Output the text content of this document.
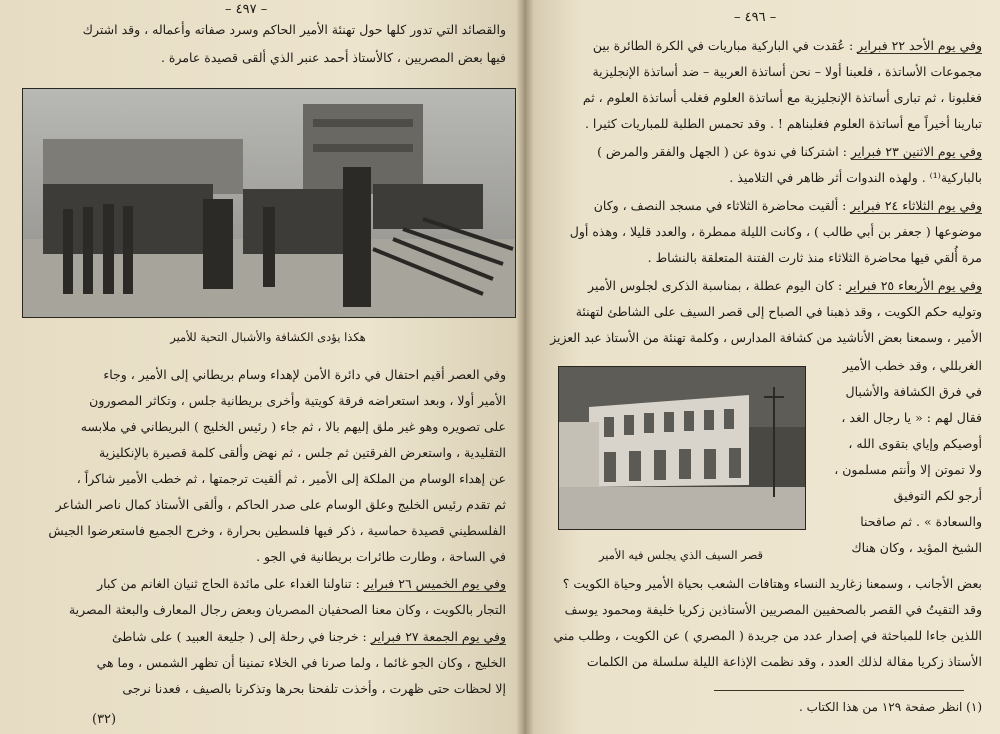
– ٤٩٧ –
والقصائد التي تدور كلها حول تهنئة الأمير الحاكم وسرد صفاته وأعماله ، وقد اشترك
فيها بعض المصريين ، كالأستاذ أحمد عنبر الذي ألقى قصيدة عامرة .
هكذا يؤدى الكشافة والأشبال التحية للأمير
وفي العصر أقيم احتفال في دائرة الأمن لإهداء وسام بريطاني إلى الأمير ، وجاء
الأمير أولا ، وبعد استعراضه فرقة كويتية وأخرى بريطانية جلس ، وتكاثر المصورون
على تصويره وهو غير ملق إليهم بالا ، ثم جاء ( رئيس الخليج ) البريطاني في ملابسه
التقليدية ، واستعرض الفرقتين ثم جلس ، ثم نهض وألقى كلمة قصيرة بالإنكليزية
عن إهداء الوسام من الملكة إلى الأمير ، ثم ألقيت ترجمتها ، ثم خطب الأمير شاكراً ،
ثم تقدم رئيس الخليج وعلق الوسام على صدر الحاكم ، وألقى الأستاذ كمال ناصر الشاعر
الفلسطيني قصيدة حماسية ، ذكر فيها فلسطين بحرارة ، وخرج الجميع فاستعرضوا الجيش
في الساحة ، وطارت طائرات بريطانية في الجو .
وفي يوم الخميس ٢٦ فبراير : تناولنا الغداء على مائدة الحاج ثنيان الغانم من كبار
التجار بالكويت ، وكان معنا الصحفيان المصريان وبعض رجال المعارف والبعثة المصرية
وفي يوم الجمعة ٢٧ فبراير : خرجنا في رحلة إلى ( جليعة العبيد ) على شاطئ
الخليج ، وكان الجو غائما ، ولما صرنا في الخلاء تمنينا أن تظهر الشمس ، وما هي
إلا لحظات حتى ظهرت ، وأخذت تلفحنا بحرها وتذكرنا بالصيف ، فعدنا نرجى
(٣٢)
– ٤٩٦ –
وفي يوم الأحد ٢٢ فبراير : عُقدت في الباركية مباريات في الكرة الطائرة بين
مجموعات الأساتذة ، فلعبنا أولا – نحن أساتذة العربية – ضد أساتذة الإنجليزية
فغلبونا ، ثم تبارى أساتذة الإنجليزية مع أساتذة العلوم فغلب أساتذة العلوم ، ثم
تبارينا أخيراً مع أساتذة العلوم فغلبناهم ! . وقد تحمس الطلبة للمباريات كثيرا .
وفي يوم الاثنين ٢٣ فبراير : اشتركنا في ندوة عن ( الجهل والفقر والمرض )
بالباركية⁽¹⁾ . ولهذه الندوات أثر ظاهر في التلاميذ .
وفي يوم الثلاثاء ٢٤ فبراير : ألقيت محاضرة الثلاثاء في مسجد النصف ، وكان
موضوعها ( جعفر بن أبي طالب ) ، وكانت الليلة ممطرة ، والعدد قليلا ، وهذه أول
مرة أُلقي فيها محاضرة الثلاثاء منذ ثارت الفتنة المتعلقة بالنشاط .
وفي يوم الأربعاء ٢٥ فبراير : كان اليوم عطلة ، بمناسبة الذكرى لجلوس الأمير
وتوليه حكم الكويت ، وقد ذهبنا في الصباح إلى قصر السيف على الشاطئ لتهنئة
الأمير ، وسمعنا بعض الأناشيد من كشافة المدارس ، وكلمة تهنئة من الأستاذ عبد العزيز
الغربللي ، وقد خطب الأمير
في فرق الكشافة والأشبال
فقال لهم : « يا رجال الغد ،
أوصيكم وإياي بتقوى الله ،
ولا تموتن إلا وأنتم مسلمون ،
أرجو لكم التوفيق
والسعادة » . ثم صافحنا
الشيخ المؤيد ، وكان هناك
قصر السيف الذي يجلس فيه الأمير
بعض الأجانب ، وسمعنا زغاريد النساء وهتافات الشعب بحياة الأمير وحياة الكويت ؟
وقد التقيتُ في القصر بالصحفيين المصريين الأستاذين زكريا خليفة ومحمود يوسف
اللذين جاءا للمباحثة في إصدار عدد من جريدة ( المصري ) عن الكويت ، وطلب مني
الأستاذ زكريا مقالة لذلك العدد ، وقد نظمت الإذاعة الليلة سلسلة من الكلمات
(١) انظر صفحة ١٢٩ من هذا الكتاب .
